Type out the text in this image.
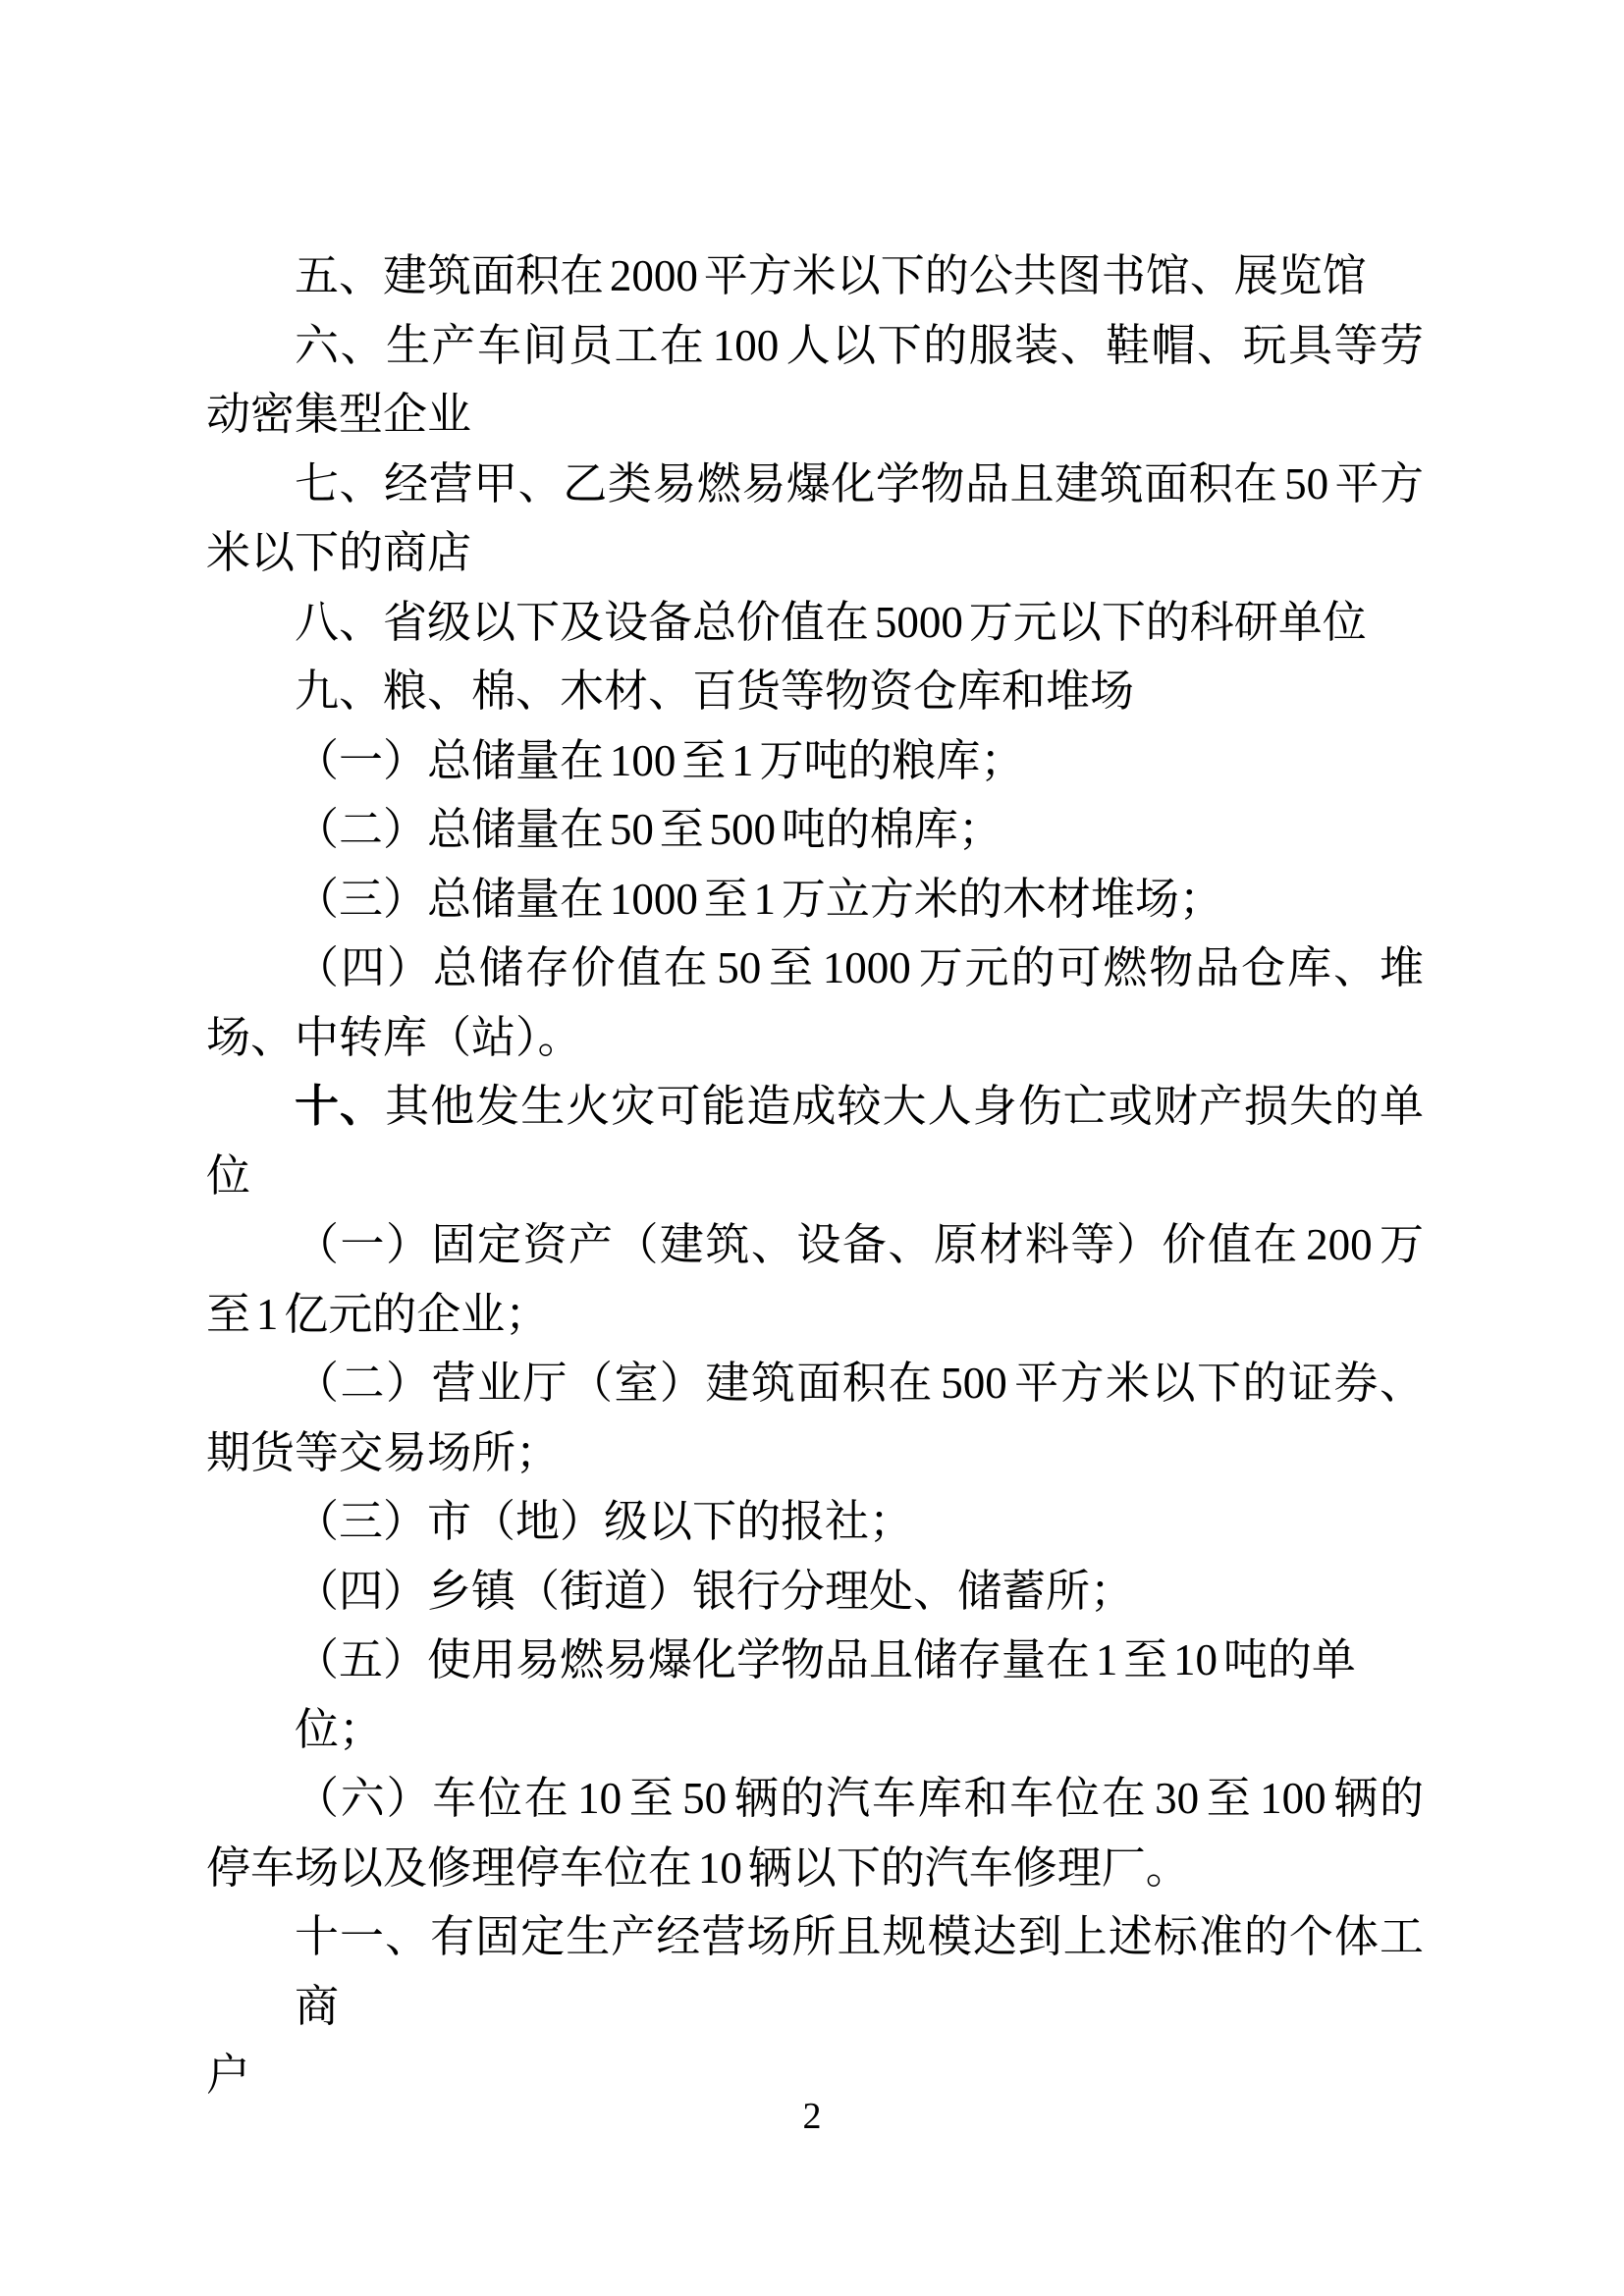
五、建筑面积在 2000 平方米以下的公共图书馆、展览馆
六、生产车间员工在 100 人以下的服装、鞋帽、玩具等劳
动密集型企业
七、经营甲、乙类易燃易爆化学物品且建筑面积在 50 平方
米以下的商店
八、省级以下及设备总价值在 5000 万元以下的科研单位
九、粮、棉、木材、百货等物资仓库和堆场
（一）总储量在 100 至 1 万吨的粮库；
（二）总储量在 50 至 500 吨的棉库；
（三）总储量在 1000 至 1 万立方米的木材堆场；
（四）总储存价值在 50 至 1000 万元的可燃物品仓库、堆
场、中转库（站）。
十、其他发生火灾可能造成较大人身伤亡或财产损失的单
位
（一）固定资产（建筑、设备、原材料等）价值在 200 万
至 1 亿元的企业；
（二）营业厅（室）建筑面积在 500 平方米以下的证券、
期货等交易场所；
（三）市（地）级以下的报社；
（四）乡镇（街道）银行分理处、储蓄所；
（五）使用易燃易爆化学物品且储存量在 1 至 10 吨的单位；
（六）车位在 10 至 50 辆的汽车库和车位在 30 至 100 辆的
停车场以及修理停车位在 10 辆以下的汽车修理厂。
十一、有固定生产经营场所且规模达到上述标准的个体工商
户
2
